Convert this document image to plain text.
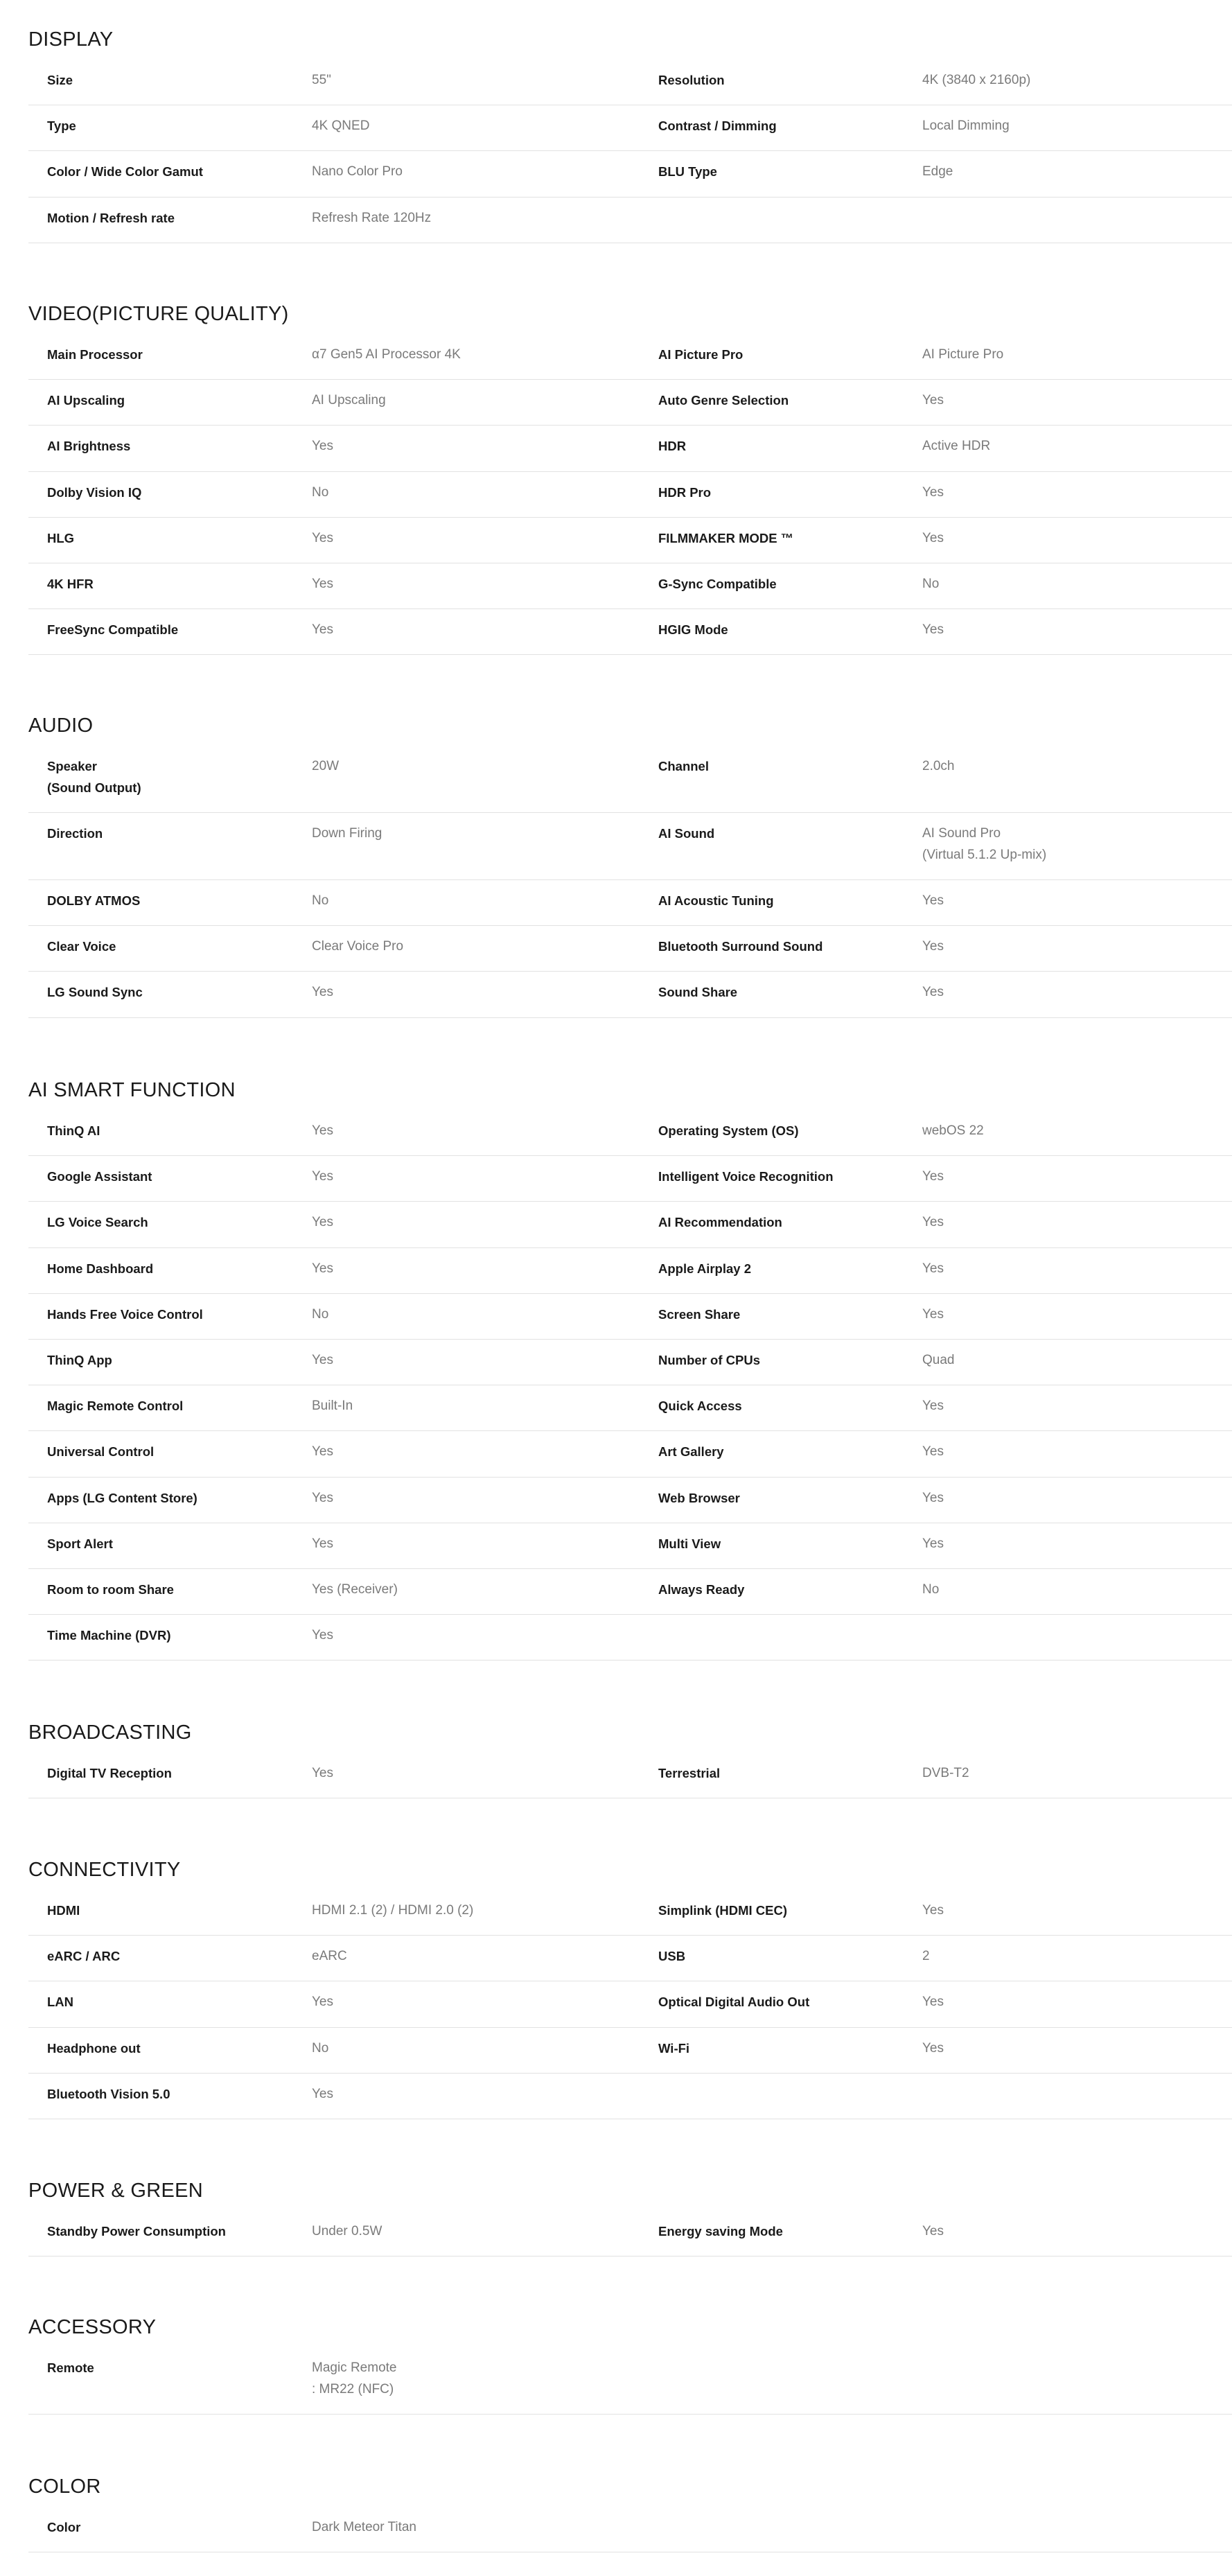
DISPLAY
Size	55"	Resolution	4K (3840 x 2160p)
Type	4K QNED	Contrast / Dimming	Local Dimming
Color / Wide Color Gamut	Nano Color Pro	BLU Type	Edge
Motion / Refresh rate	Refresh Rate 120Hz
VIDEO(PICTURE QUALITY)
Main Processor	α7 Gen5 AI Processor 4K	AI Picture Pro	AI Picture Pro
AI Upscaling	AI Upscaling	Auto Genre Selection	Yes
AI Brightness	Yes	HDR	Active HDR
Dolby Vision IQ	No	HDR Pro	Yes
HLG	Yes	FILMMAKER MODE ™	Yes
4K HFR	Yes	G-Sync Compatible	No
FreeSync Compatible	Yes	HGIG Mode	Yes
AUDIO
Speaker
(Sound Output)
20W	Channel	2.0ch
Direction	Down Firing	AI Sound	AI Sound Pro
(Virtual 5.1.2 Up-mix)
DOLBY ATMOS	No	AI Acoustic Tuning	Yes
Clear Voice	Clear Voice Pro	Bluetooth Surround Sound	Yes
LG Sound Sync	Yes	Sound Share	Yes
AI SMART FUNCTION
ThinQ AI	Yes	Operating System (OS)	webOS 22
Google Assistant	Yes	Intelligent Voice Recognition	Yes
LG Voice Search	Yes	AI Recommendation	Yes
Home Dashboard	Yes	Apple Airplay 2	Yes
Hands Free Voice Control	No	Screen Share	Yes
ThinQ App	Yes	Number of CPUs	Quad
Magic Remote Control	Built-In	Quick Access	Yes
Universal Control	Yes	Art Gallery	Yes
Apps (LG Content Store)	Yes	Web Browser	Yes
Sport Alert	Yes	Multi View	Yes
Room to room Share	Yes (Receiver)	Always Ready	No
Time Machine (DVR)	Yes
BROADCASTING
Digital TV Reception	Yes	Terrestrial	DVB-T2
CONNECTIVITY
HDMI	HDMI 2.1 (2) / HDMI 2.0 (2)	Simplink (HDMI CEC)	Yes
eARC / ARC	eARC	USB	2
LAN	Yes	Optical Digital Audio Out	Yes
Headphone out	No	Wi-Fi	Yes
Bluetooth Vision 5.0	Yes
POWER & GREEN
Standby Power Consumption	Under 0.5W	Energy saving Mode	Yes
ACCESSORY
Remote	Magic Remote
: MR22 (NFC)
COLOR
Color	Dark Meteor Titan
